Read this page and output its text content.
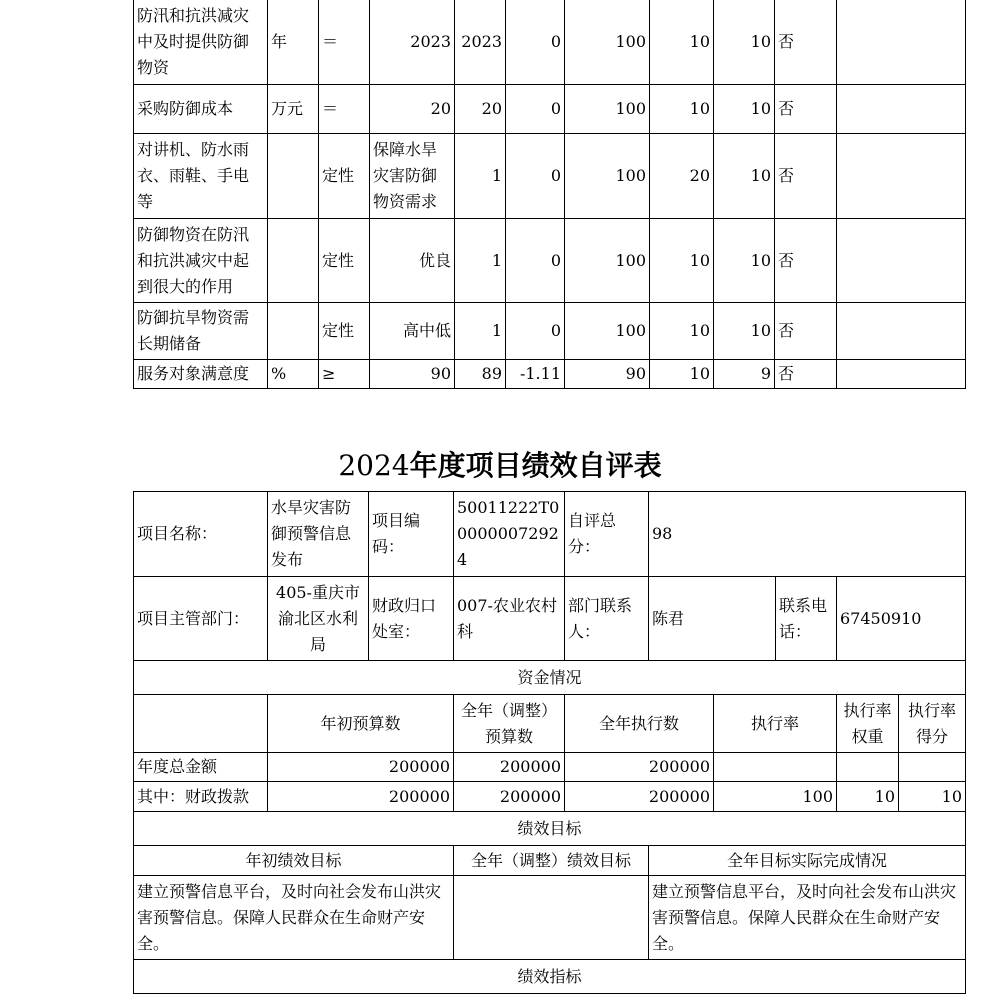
防汛和抗洪减灾中及时提供防御物资	年	＝	2023	2023	0	100	10	10	否	
采购防御成本	万元	＝	20	20	0	100	10	10	否	
对讲机、防水雨衣、雨鞋、手电等		定性	保障水旱灾害防御物资需求	1	0	100	20	10	否	
防御物资在防汛和抗洪减灾中起到很大的作用		定性	优良	1	0	100	10	10	否	
防御抗旱物资需长期储备		定性	高中低	1	0	100	10	10	否	
服务对象满意度	%	≥	90	89	-1.11	90	10	9	否	
2024年度项目绩效自评表
项目名称：	水旱灾害防御预警信息发布	项目编码：	50011222T000000072924	自评总分：	98				
项目主管部门：	405-重庆市渝北区水利局	财政归口处室：	007-农业农村科	部门联系人：	陈君		联系电话：	67450910	
资金情况									
	年初预算数		全年（调整）预算数	全年执行数		执行率		执行率权重	执行率得分
年度总金额	200000		200000	200000					
其中：财政拨款	200000		200000	200000		100		10	10
绩效目标									
年初绩效目标			全年（调整）绩效目标		全年目标实际完成情况				
建立预警信息平台，及时向社会发布山洪灾害预警信息。保障人民群众在生命财产安全。					建立预警信息平台，及时向社会发布山洪灾害预警信息。保障人民群众在生命财产安全。				
绩效指标									
